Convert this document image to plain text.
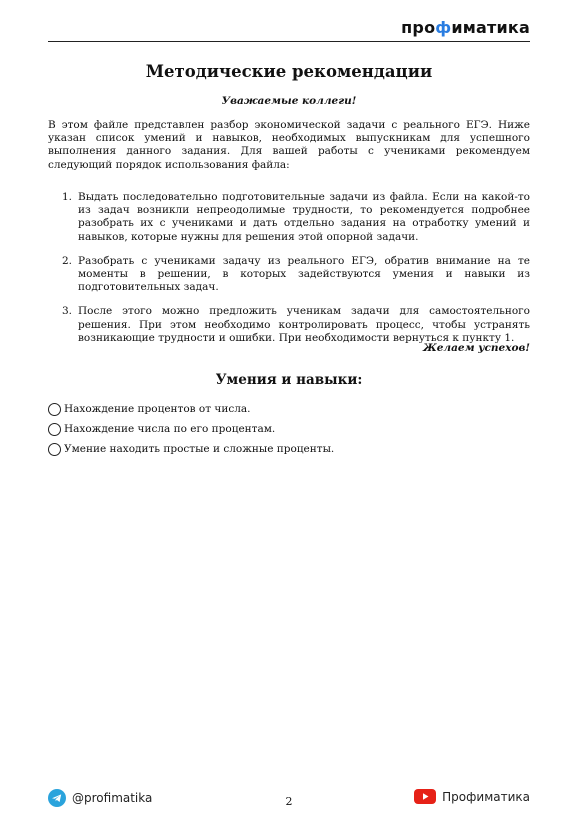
профиматика
Методические рекомендации
Уважаемые коллеги!
В этом файле представлен разбор экономической задачи с реального ЕГЭ. Ниже указан список умений и навыков, необходимых выпускникам для успешного выполнения данного задания. Для вашей работы с учениками рекомендуем следующий порядок использования файла:
1. Выдать последовательно подготовительные задачи из файла. Если на какой-то из задач возникли непреодолимые трудности, то рекомендуется подробнее разобрать их с учениками и дать отдельно задания на отработку умений и навыков, которые нужны для решения этой опорной задачи.
2. Разобрать с учениками задачу из реального ЕГЭ, обратив внимание на те моменты в решении, в которых задействуются умения и навыки из подготовительных задач.
3. После этого можно предложить ученикам задачи для самостоятельного решения. При этом необходимо контролировать процесс, чтобы устранять возникающие трудности и ошибки. При необходимости вернуться к пункту 1.
Желаем успехов!
Умения и навыки:
Нахождение процентов от числа.
Нахождение числа по его процентам.
Умение находить простые и сложные проценты.
@profimatika	2	Профиматика
